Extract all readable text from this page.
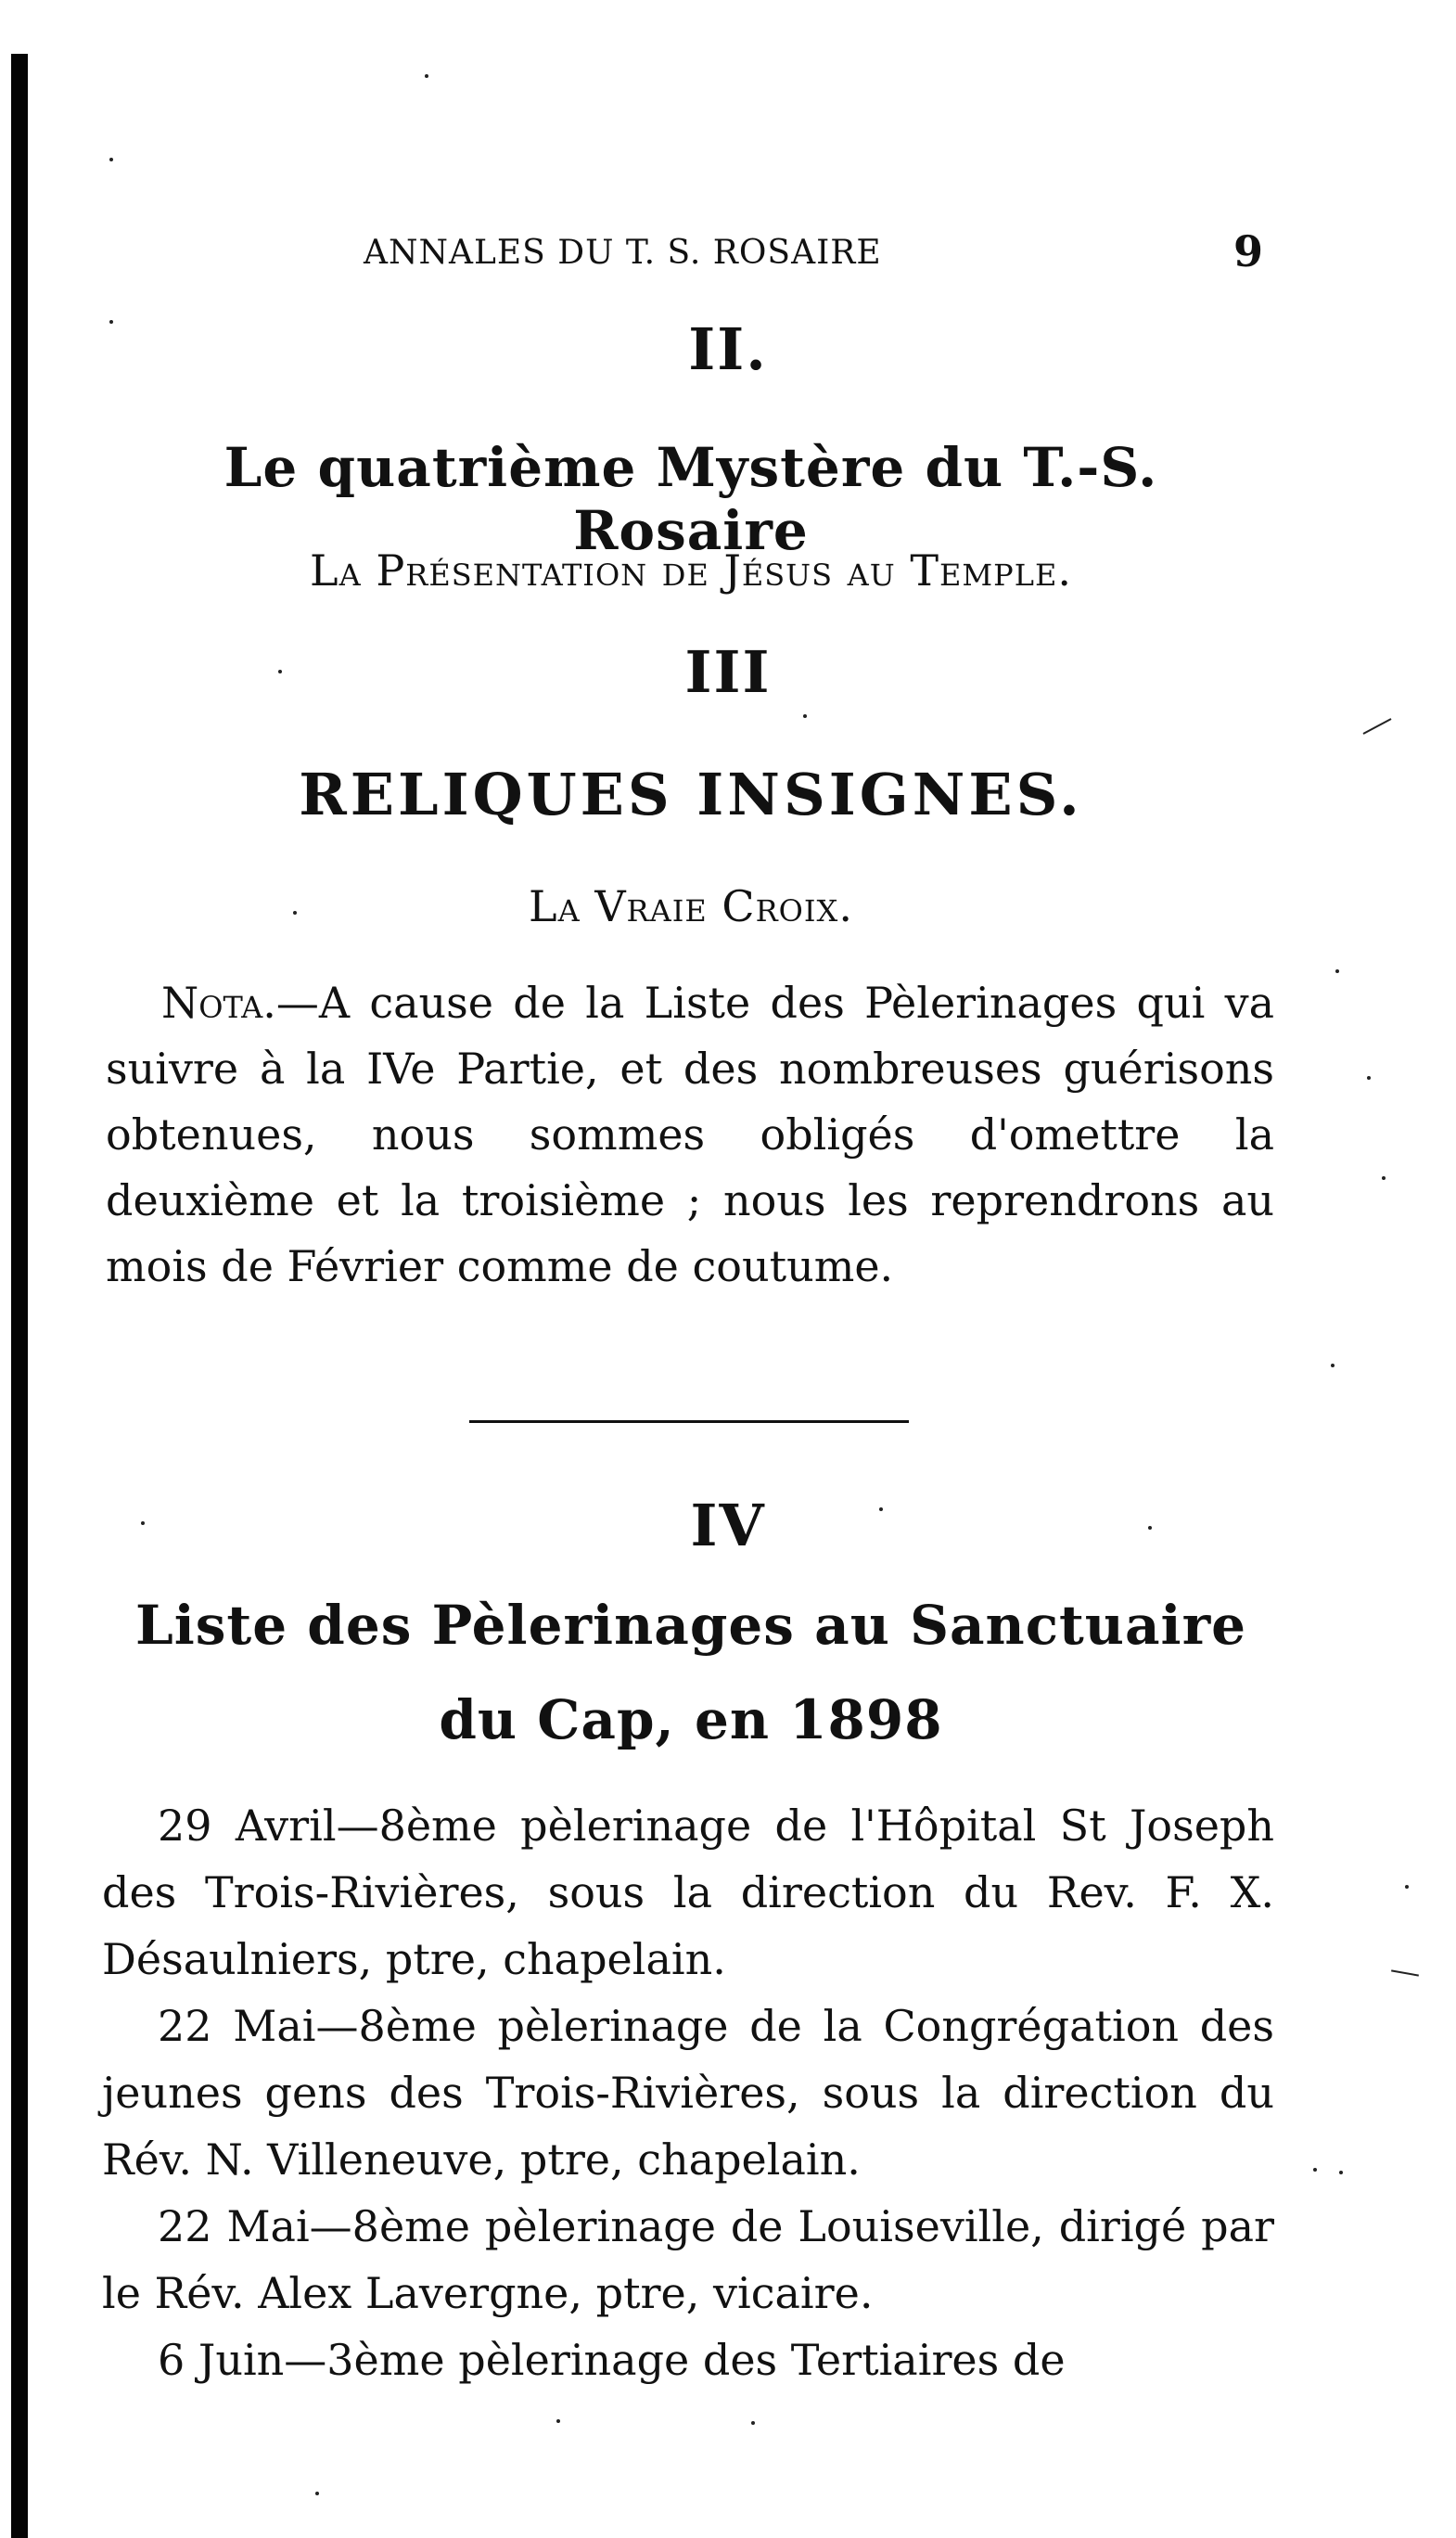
ANNALES DU T. S. ROSAIRE	9
II.
Le quatrième Mystère du T.-S. Rosaire
La Présentation de Jésus au Temple.
III
RELIQUES INSIGNES.
La Vraie Croix.
Nota.—A cause de la Liste des Pèlerinages qui va suivre à la IVe Partie, et des nombreuses guérisons obtenues, nous sommes obligés d'omettre la deuxième et la troisième ; nous les reprendrons au mois de Février comme de coutume.
IV
Liste des Pèlerinages au Sanctuaire
du Cap, en 1898

29 Avril—8ème pèlerinage de l'Hôpital St Joseph des Trois-Rivières, sous la direction du Rev. F. X. Désaulniers, ptre, chapelain.

22 Mai—8ème pèlerinage de la Congrégation des jeunes gens des Trois-Rivières, sous la direction du Rév. N. Villeneuve, ptre, chapelain.

22 Mai—8ème pèlerinage de Louiseville, dirigé par le Rév. Alex Lavergne, ptre, vicaire.

6 Juin—3ème pèlerinage des Tertiaires de
